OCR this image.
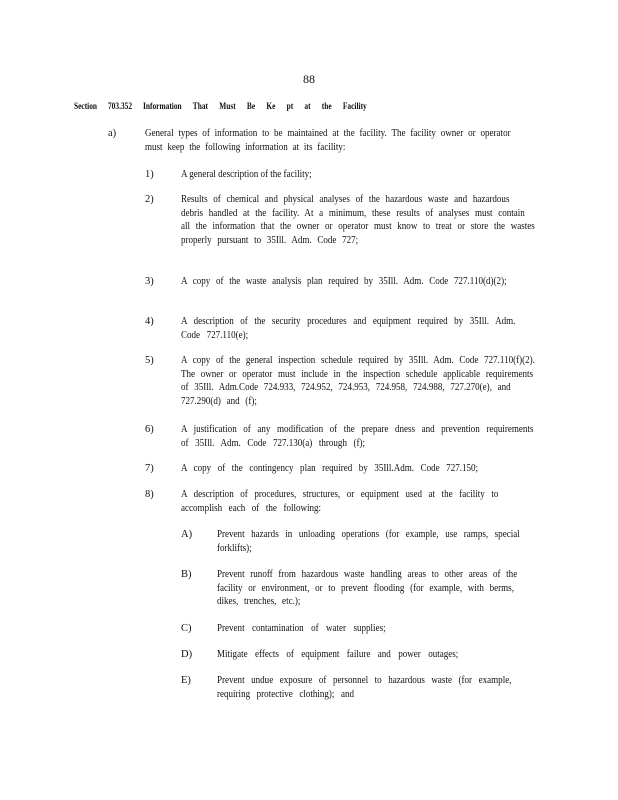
88
Section 703.352 Information That Must Be Ke pt at the Facility
a)	General types of information to be maintained at the facility. The facility owner or operator must keep the following information at its facility:
1)	A general description of the facility;
2)	Results of chemical and physical analyses of the hazardous waste and hazardous debris handled at the facility. At a minimum, these results of analyses must contain all the information that the owner or operator must know to treat or store the wastes properly pursuant to 35Ill. Adm. Code 727;
3)	A copy of the waste analysis plan required by 35Ill. Adm. Code 727.110(d)(2);
4)	A description of the security procedures and equipment required by 35Ill. Adm. Code 727.110(e);
5)	A copy of the general inspection schedule required by 35Ill. Adm. Code 727.110(f)(2). The owner or operator must include in the inspection schedule applicable requirements of 35Ill. Adm.Code 724.933, 724.952, 724.953, 724.958, 724.988, 727.270(e), and 727.290(d) and (f);
6)	A justification of any modification of the prepare dness and prevention requirements of 35Ill. Adm. Code 727.130(a) through (f);
7)	A copy of the contingency plan required by 35Ill.Adm. Code 727.150;
8)	A description of procedures, structures, or equipment used at the facility to accomplish each of the following:
A) Prevent hazards in unloading operations (for example, use ramps, special forklifts);
B) Prevent runoff from hazardous waste handling areas to other areas of the facility or environment, or to prevent flooding (for example, with berms, dikes, trenches, etc.);
C) Prevent contamination of water supplies;
D) Mitigate effects of equipment failure and power outages;
E) Prevent undue exposure of personnel to hazardous waste (for example, requiring protective clothing); and
